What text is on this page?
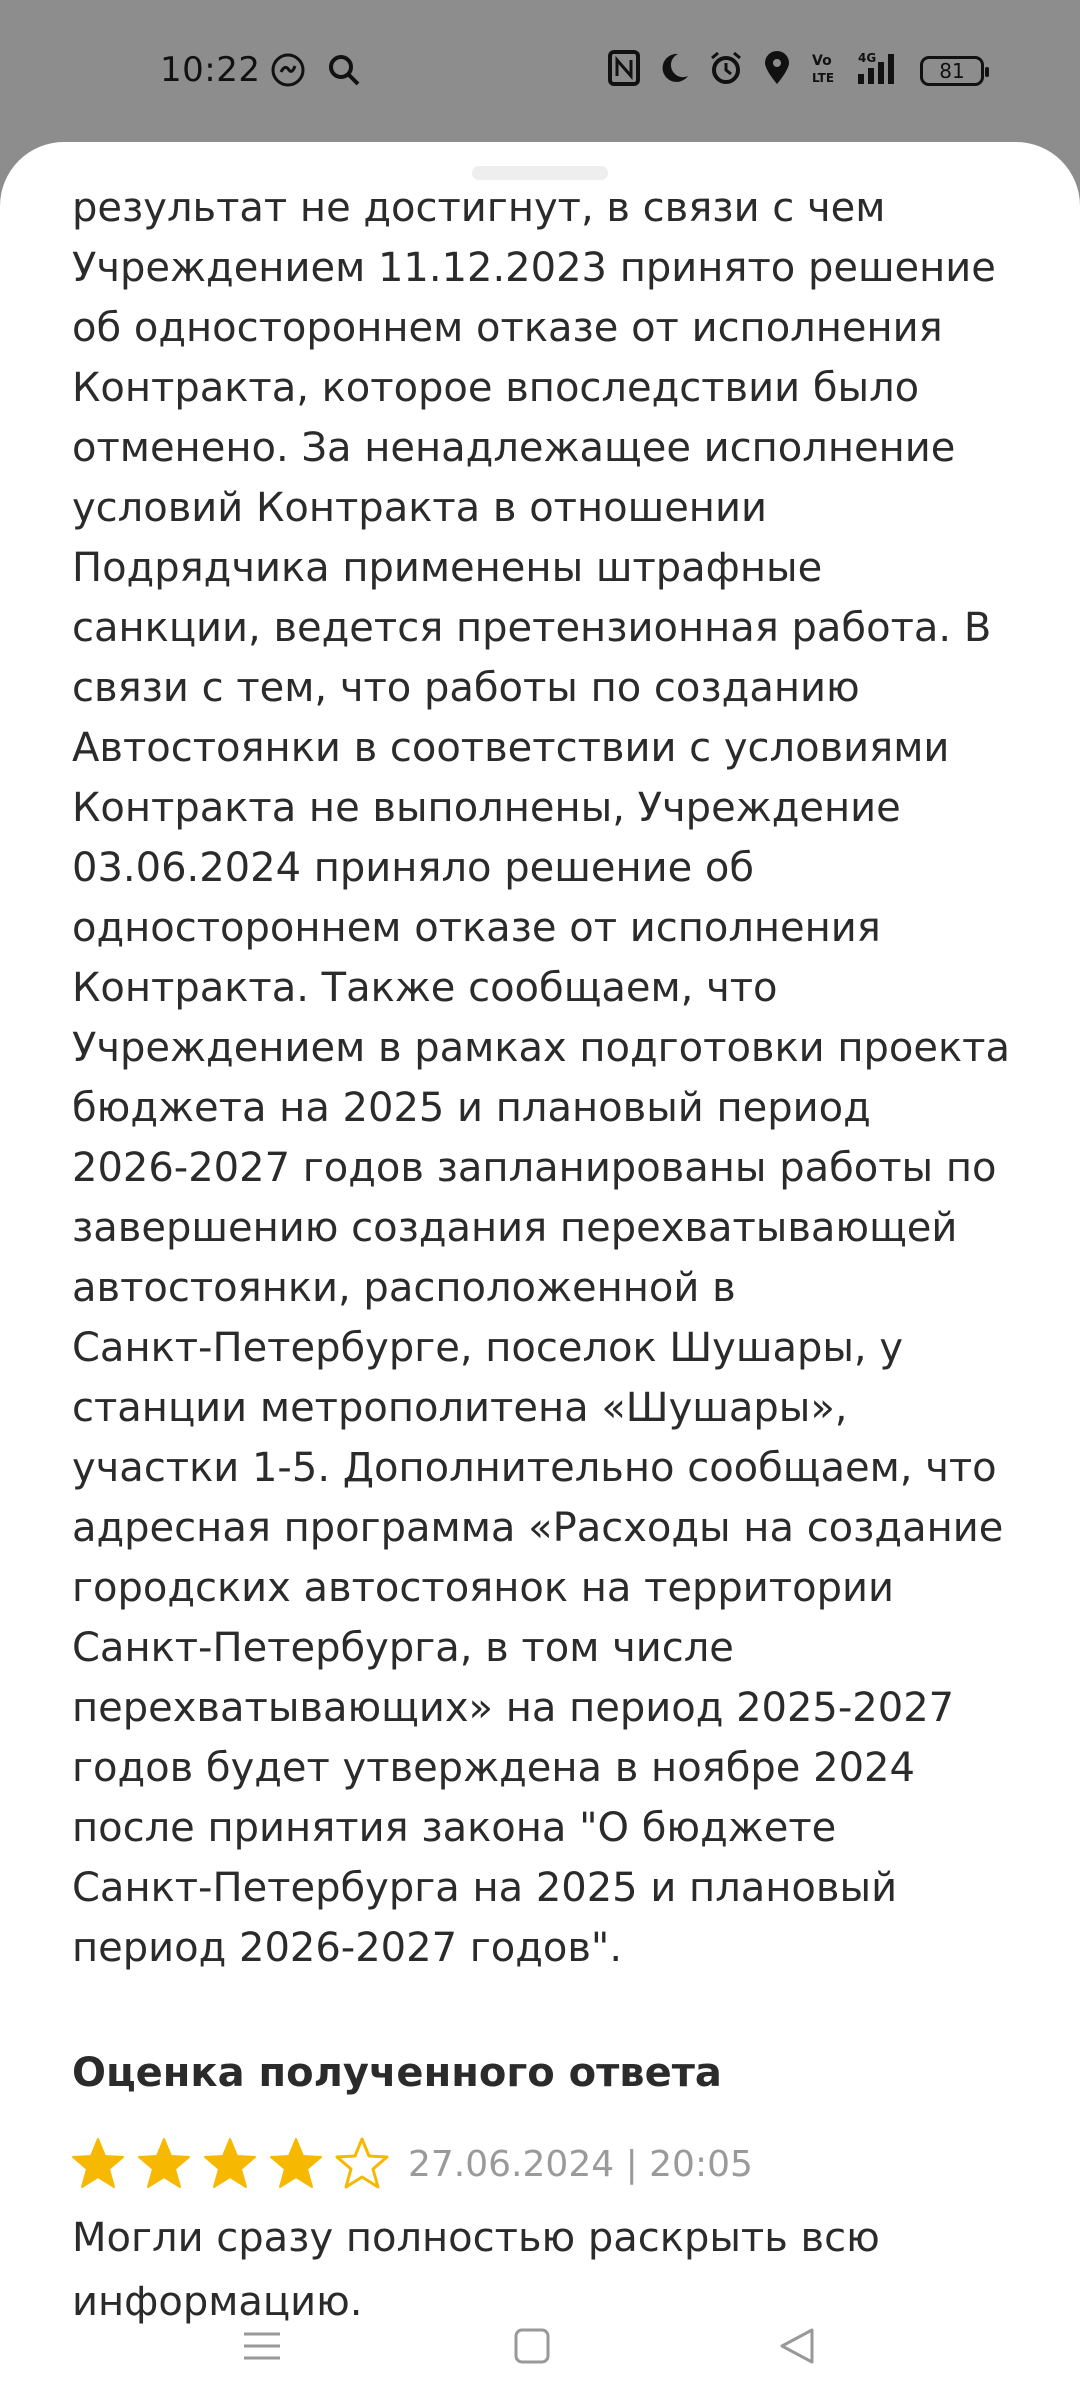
10:22	Vo
LTE
4G
81

результат не достигнут, в связи с чем
Учреждением 11.12.2023 принято решение
об одностороннем отказе от исполнения
Контракта, которое впоследствии было
отменено. За ненадлежащее исполнение
условий Контракта в отношении
Подрядчика применены штрафные
санкции, ведется претензионная работа. В
связи с тем, что работы по созданию
Автостоянки в соответствии с условиями
Контракта не выполнены, Учреждение
03.06.2024 приняло решение об
одностороннем отказе от исполнения
Контракта. Также сообщаем, что
Учреждением в рамках подготовки проекта
бюджета на 2025 и плановый период
2026-2027 годов запланированы работы по
завершению создания перехватывающей
автостоянки, расположенной в
Санкт-Петербурге, поселок Шушары, у
станции метрополитена «Шушары»,
участки 1-5. Дополнительно сообщаем, что
адресная программа «Расходы на создание
городских автостоянок на территории
Санкт-Петербурга, в том числе
перехватывающих» на период 2025-2027
годов будет утверждена в ноябре 2024
после принятия закона "О бюджете
Санкт-Петербурга на 2025 и плановый
период 2026-2027 годов".

Оценка полученного ответа
27.06.2024 | 20:05

Могли сразу полностью раскрыть всю информацию.
